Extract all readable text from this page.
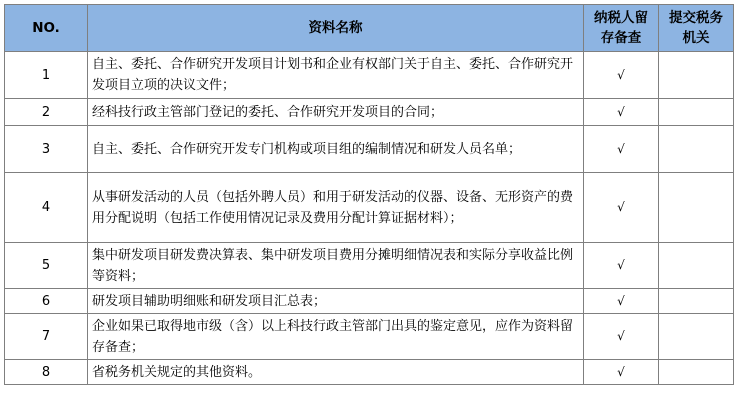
NO.	资料名称	纳税人留存备查	提交税务机关
1	自主、委托、合作研究开发项目计划书和企业有权部门关于自主、委托、合作研究开发项目立项的决议文件；	√	
2	经科技行政主管部门登记的委托、合作研究开发项目的合同；	√	
3	自主、委托、合作研究开发专门机构或项目组的编制情况和研发人员名单；	√	
4	从事研发活动的人员（包括外聘人员）和用于研发活动的仪器、设备、无形资产的费用分配说明（包括工作使用情况记录及费用分配计算证据材料）；	√	
5	集中研发项目研发费决算表、集中研发项目费用分摊明细情况表和实际分享收益比例等资料；	√	
6	研发项目辅助明细账和研发项目汇总表；	√	
7	企业如果已取得地市级（含）以上科技行政主管部门出具的鉴定意见，应作为资料留存备查；	√	
8	省税务机关规定的其他资料。	√	
